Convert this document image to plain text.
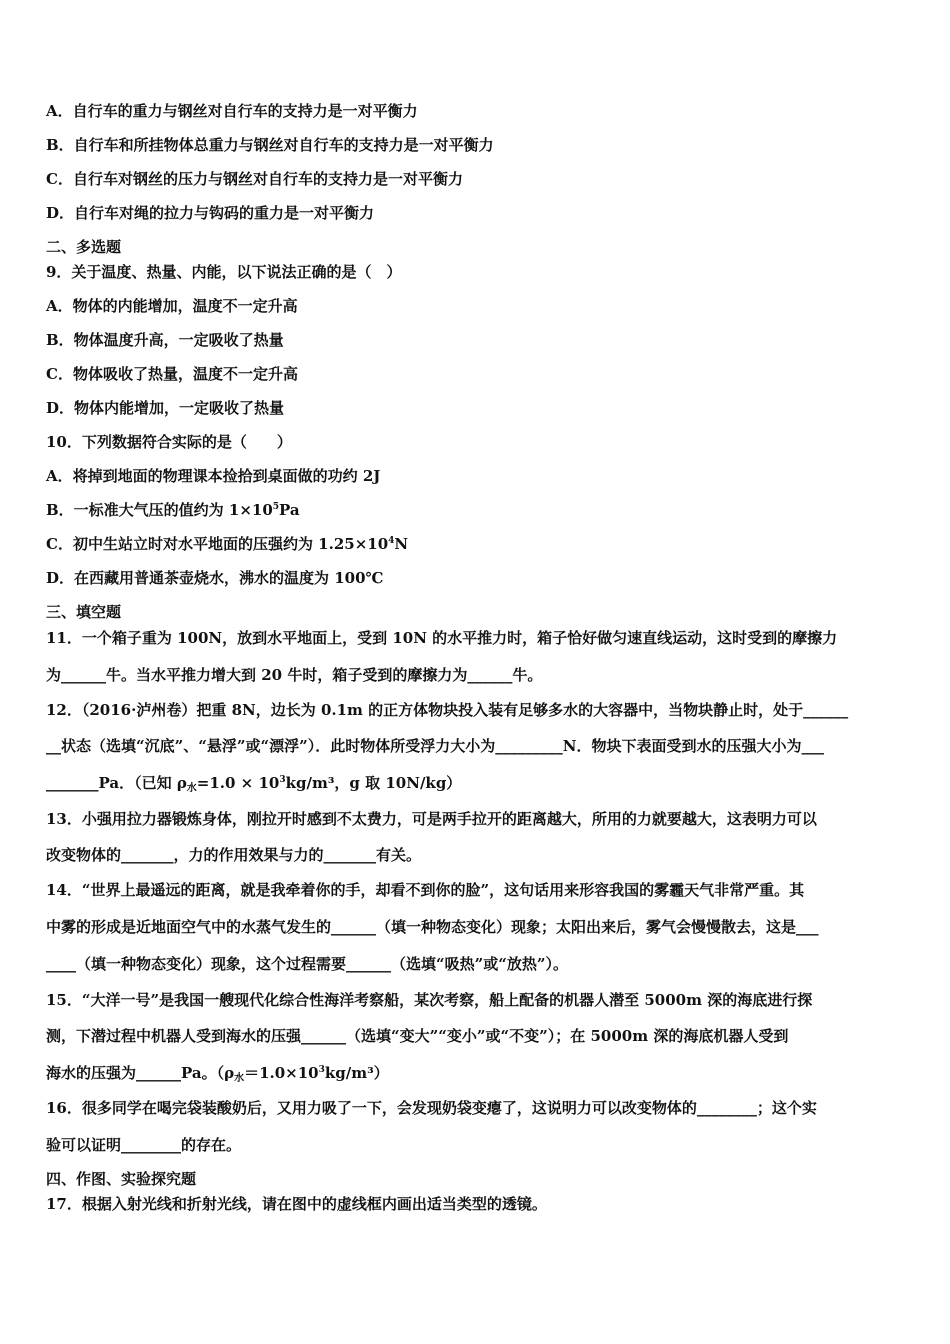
A．自行车的重力与钢丝对自行车的支持力是一对平衡力
B．自行车和所挂物体总重力与钢丝对自行车的支持力是一对平衡力
C．自行车对钢丝的压力与钢丝对自行车的支持力是一对平衡力
D．自行车对绳的拉力与钩码的重力是一对平衡力
二、多选题
9．关于温度、热量、内能，以下说法正确的是（　）
A．物体的内能增加，温度不一定升高
B．物体温度升高，一定吸收了热量
C．物体吸收了热量，温度不一定升高
D．物体内能增加，一定吸收了热量
10．下列数据符合实际的是（　　）
A．将掉到地面的物理课本捡拾到桌面做的功约 2J
B．一标准大气压的值约为 $1\times 10^5Pa$
C．初中生站立时对水平地面的压强约为 $1.25\times 10^4N$
D．在西藏用普通茶壶烧水，沸水的温度为 100℃
三、填空题
11．一个箱子重为 100N，放到水平地面上，受到 10N 的水平推力时，箱子恰好做匀速直线运动，这时受到的摩擦力
为______牛。当水平推力增大到 20 牛时，箱子受到的摩擦力为______牛。
12．（2016·泸州卷）把重 8N，边长为 0.1m 的正方体物块投入装有足够多水的大容器中，当物块静止时，处于______
__状态（选填“沉底”、“悬浮”或“漂浮”）．此时物体所受浮力大小为_________N．物块下表面受到水的压强大小为___
_______Pa．（已知 $\rho_水=1.0 \times 10^3kg/m^3$，g 取 10N/kg）
13．小强用拉力器锻炼身体，刚拉开时感到不太费力，可是两手拉开的距离越大，所用的力就要越大，这表明力可以
改变物体的_______，力的作用效果与力的_______有关。
14．“世界上最遥远的距离，就是我牵着你的手，却看不到你的脸”，这句话用来形容我国的雾霾天气非常严重。其
中雾的形成是近地面空气中的水蒸气发生的______（填一种物态变化）现象；太阳出来后，雾气会慢慢散去，这是___
____（填一种物态变化）现象，这个过程需要______（选填“吸热”或“放热”）。
15．“大洋一号”是我国一艘现代化综合性海洋考察船，某次考察，船上配备的机器人潜至 5000m 深的海底进行探
测，下潜过程中机器人受到海水的压强______（选填“变大”“变小”或“不变”）；在 5000m 深的海底机器人受到
海水的压强为______Pa。$(\rho_水=1.0\times 10^3kg/m^3)$
16．很多同学在喝完袋装酸奶后，又用力吸了一下，会发现奶袋变瘪了，这说明力可以改变物体的________；这个实
验可以证明________的存在。
四、作图、实验探究题
17．根据入射光线和折射光线，请在图中的虚线框内画出适当类型的透镜。
